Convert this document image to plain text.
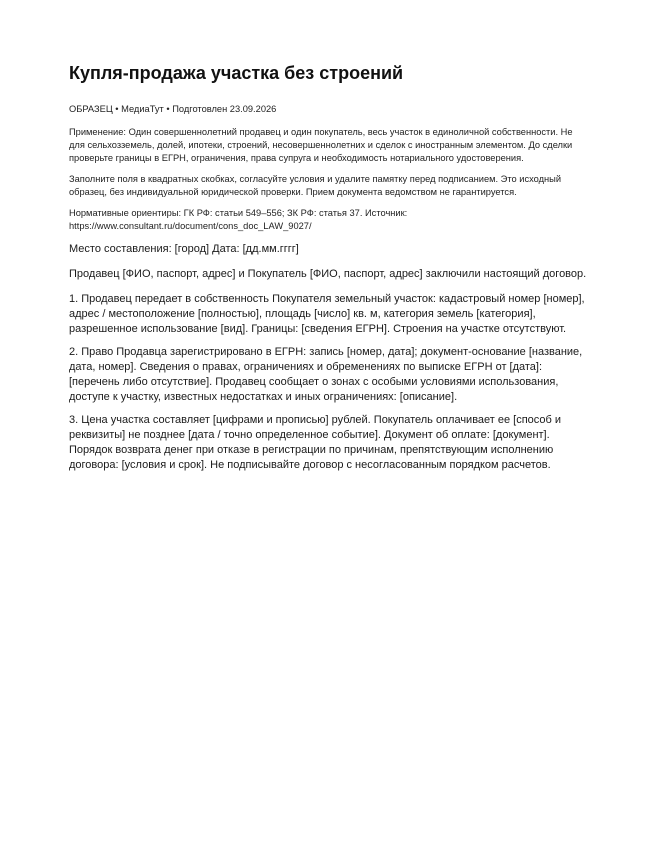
Купля-продажа участка без строений

ОБРАЗЕЦ • МедиаТут • Подготовлен 23.09.2026

Применение: Один совершеннолетний продавец и один покупатель, весь участок в единоличной собственности. Не для сельхозземель, долей, ипотеки, строений, несовершеннолетних и сделок с иностранным элементом. До сделки проверьте границы в ЕГРН, ограничения, права супруга и необходимость нотариального удостоверения.

Заполните поля в квадратных скобках, согласуйте условия и удалите памятку перед подписанием. Это исходный образец, без индивидуальной юридической проверки. Прием документа ведомством не гарантируется.

Нормативные ориентиры: ГК РФ: статьи 549–556; ЗК РФ: статья 37. Источник: https://www.consultant.ru/document/cons_doc_LAW_9027/

Место составления: [город] Дата: [дд.мм.гггг]

Продавец [ФИО, паспорт, адрес] и Покупатель [ФИО, паспорт, адрес] заключили настоящий договор.

1. Продавец передает в собственность Покупателя земельный участок: кадастровый номер [номер], адрес / местоположение [полностью], площадь [число] кв. м, категория земель [категория], разрешенное использование [вид]. Границы: [сведения ЕГРН]. Строения на участке отсутствуют.

2. Право Продавца зарегистрировано в ЕГРН: запись [номер, дата]; документ-основание [название, дата, номер]. Сведения о правах, ограничениях и обременениях по выписке ЕГРН от [дата]: [перечень либо отсутствие]. Продавец сообщает о зонах с особыми условиями использования, доступе к участку, известных недостатках и иных ограничениях: [описание].

3. Цена участка составляет [цифрами и прописью] рублей. Покупатель оплачивает ее [способ и реквизиты] не позднее [дата / точно определенное событие]. Документ об оплате: [документ]. Порядок возврата денег при отказе в регистрации по причинам, препятствующим исполнению договора: [условия и срок]. Не подписывайте договор с несогласованным порядком расчетов.
